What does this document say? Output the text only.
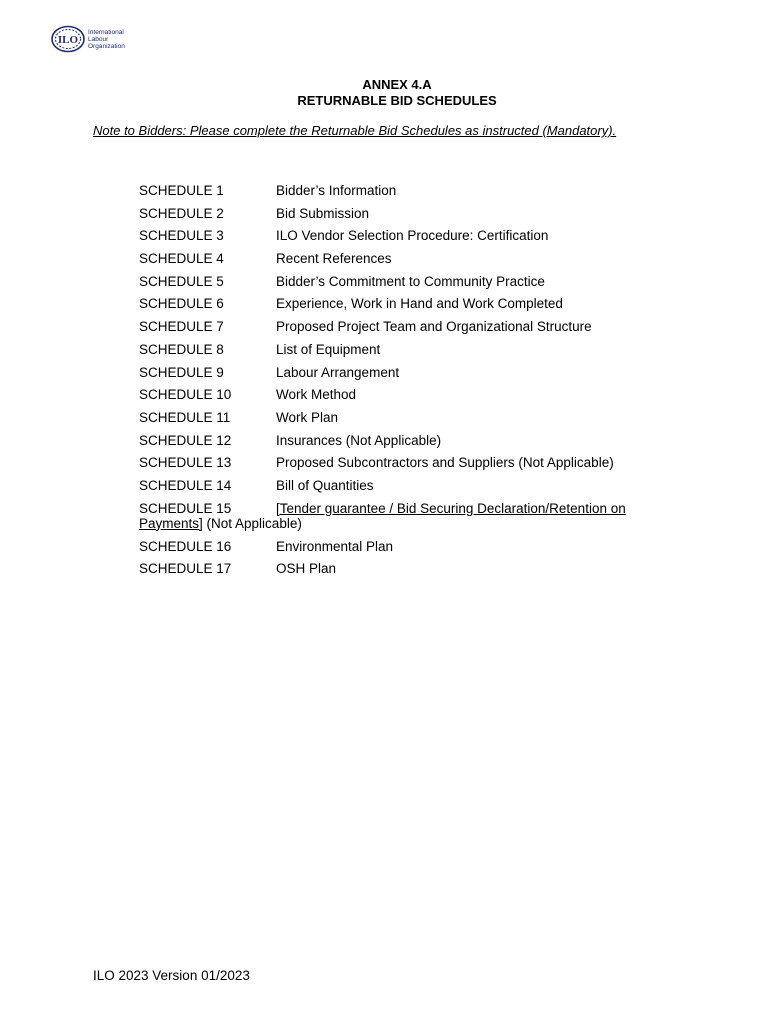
ILO
International
Labour
Organization
ANNEX 4.A
RETURNABLE BID SCHEDULES
Note to Bidders: Please complete the Returnable Bid Schedules as instructed (Mandatory).
SCHEDULE 1	Bidder’s Information
SCHEDULE 2	Bid Submission
SCHEDULE 3	ILO Vendor Selection Procedure: Certification
SCHEDULE 4	Recent References
SCHEDULE 5	Bidder’s Commitment to Community Practice
SCHEDULE 6	Experience, Work in Hand and Work Completed
SCHEDULE 7	Proposed Project Team and Organizational Structure
SCHEDULE 8	List of Equipment
SCHEDULE 9	Labour Arrangement
SCHEDULE 10	Work Method
SCHEDULE 11	Work Plan
SCHEDULE 12	Insurances (Not Applicable)
SCHEDULE 13	Proposed Subcontractors and Suppliers (Not Applicable)
SCHEDULE 14	Bill of Quantities
SCHEDULE 15	[Tender guarantee / Bid Securing Declaration/Retention on Payments] (Not Applicable)
SCHEDULE 16	Environmental Plan
SCHEDULE 17	OSH Plan
ILO 2023 Version 01/2023
